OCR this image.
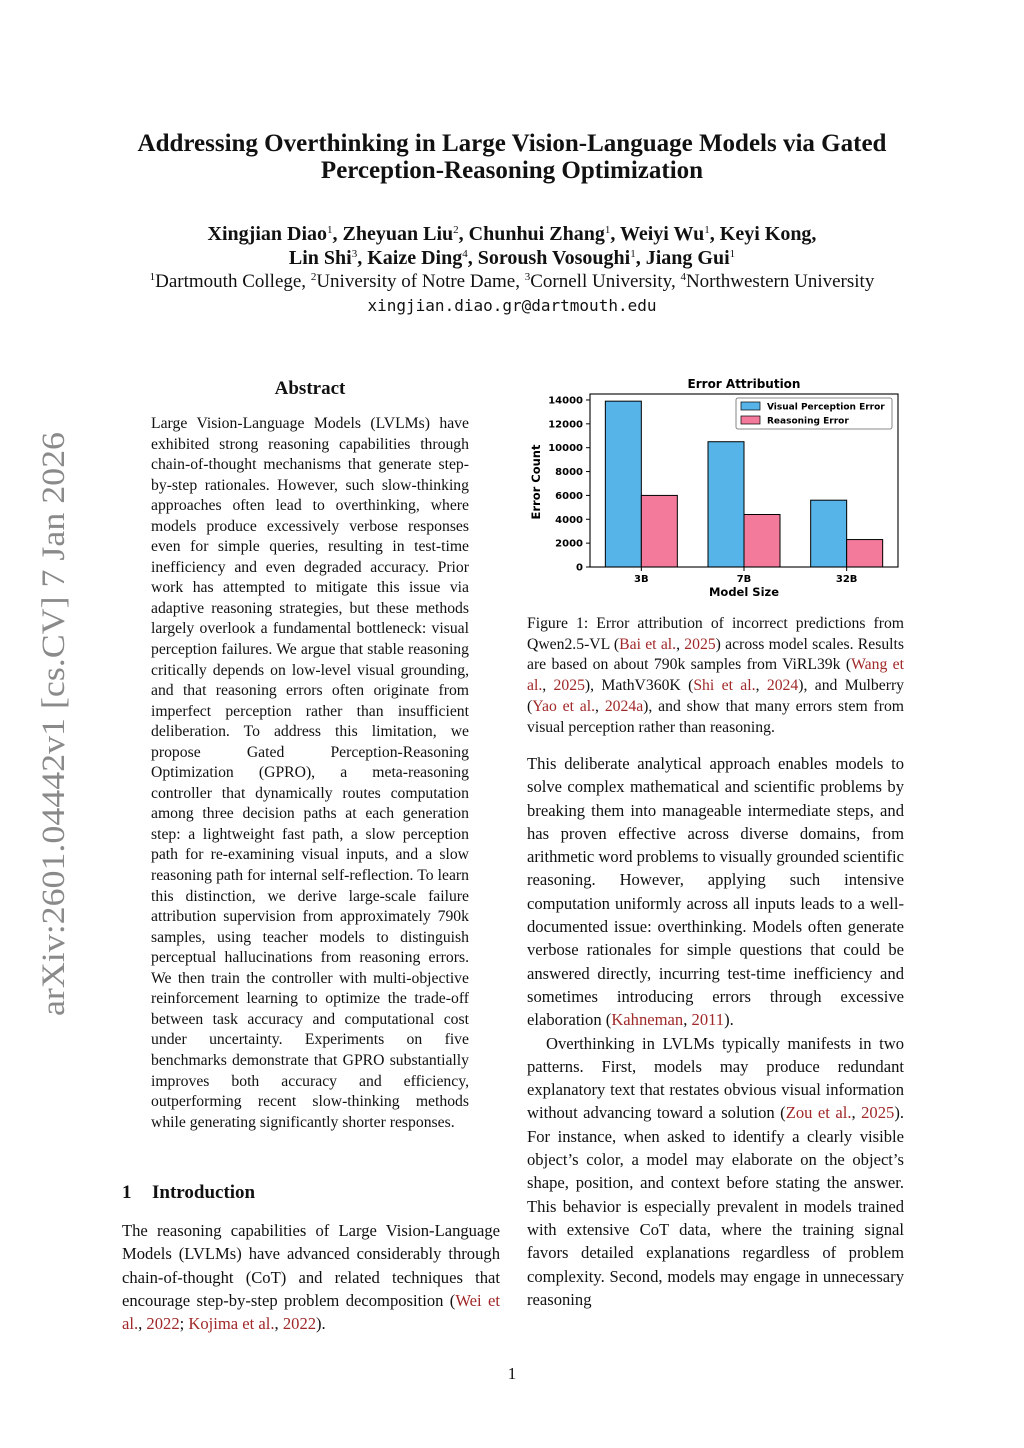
arXiv:2601.04442v1 [cs.CV] 7 Jan 2026
Addressing Overthinking in Large Vision-Language Models via Gated
Perception-Reasoning Optimization
Xingjian Diao$^1$, Zheyuan Liu$^2$, Chunhui Zhang$^1$, Weiyi Wu$^1$, Keyi Kong,
Lin Shi$^3$, Kaize Ding$^4$, Soroush Vosoughi$^1$, Jiang Gui$^1$
$^1$Dartmouth College, $^2$University of Notre Dame, $^3$Cornell University, $^4$Northwestern University
xingjian.diao.gr@dartmouth.edu
Abstract
Large Vision-Language Models (LVLMs) have exhibited strong reasoning capabilities through chain-of-thought mechanisms that generate step-by-step rationales. However, such slow-thinking approaches often lead to overthinking, where models produce excessively verbose responses even for simple queries, resulting in test-time inefficiency and even degraded accuracy. Prior work has attempted to mitigate this issue via adaptive reasoning strategies, but these methods largely overlook a fundamental bottleneck: visual perception failures. We argue that stable reasoning critically depends on low-level visual grounding, and that reasoning errors often originate from imperfect perception rather than insufficient deliberation. To address this limitation, we propose Gated Perception-Reasoning Optimization (GPRO), a meta-reasoning controller that dynamically routes computation among three decision paths at each generation step: a lightweight fast path, a slow perception path for re-examining visual inputs, and a slow reasoning path for internal self-reflection. To learn this distinction, we derive large-scale failure attribution supervision from approximately 790k samples, using teacher models to distinguish perceptual hallucinations from reasoning errors. We then train the controller with multi-objective reinforcement learning to optimize the trade-off between task accuracy and computational cost under uncertainty. Experiments on five benchmarks demonstrate that GPRO substantially improves both accuracy and efficiency, outperforming recent slow-thinking methods while generating significantly shorter responses.
1 Introduction
The reasoning capabilities of Large Vision-Language Models (LVLMs) have advanced considerably through chain-of-thought (CoT) and related techniques that encourage step-by-step problem decomposition (Wei et al., 2022; Kojima et al., 2022).
Error Attribution
Error Count
Model Size
0
2000
4000
6000
8000
10000
12000
14000
3B	7B	32B
Visual Perception Error
Reasoning Error
Figure 1: Error attribution of incorrect predictions from Qwen2.5-VL (Bai et al., 2025) across model scales. Results are based on about 790k samples from ViRL39k (Wang et al., 2025), MathV360K (Shi et al., 2024), and Mulberry (Yao et al., 2024a), and show that many errors stem from visual perception rather than reasoning.

This deliberate analytical approach enables models to solve complex mathematical and scientific problems by breaking them into manageable intermediate steps, and has proven effective across diverse domains, from arithmetic word problems to visually grounded scientific reasoning. However, applying such intensive computation uniformly across all inputs leads to a well-documented issue: overthinking. Models often generate verbose rationales for simple questions that could be answered directly, incurring test-time inefficiency and sometimes introducing errors through excessive elaboration (Kahneman, 2011).

Overthinking in LVLMs typically manifests in two patterns. First, models may produce redundant explanatory text that restates obvious visual information without advancing toward a solution (Zou et al., 2025). For instance, when asked to identify a clearly visible object’s color, a model may elaborate on the object’s shape, position, and context before stating the answer. This behavior is especially prevalent in models trained with extensive CoT data, where the training signal favors detailed explanations regardless of problem complexity. Second, models may engage in unnecessary reasoning

1
